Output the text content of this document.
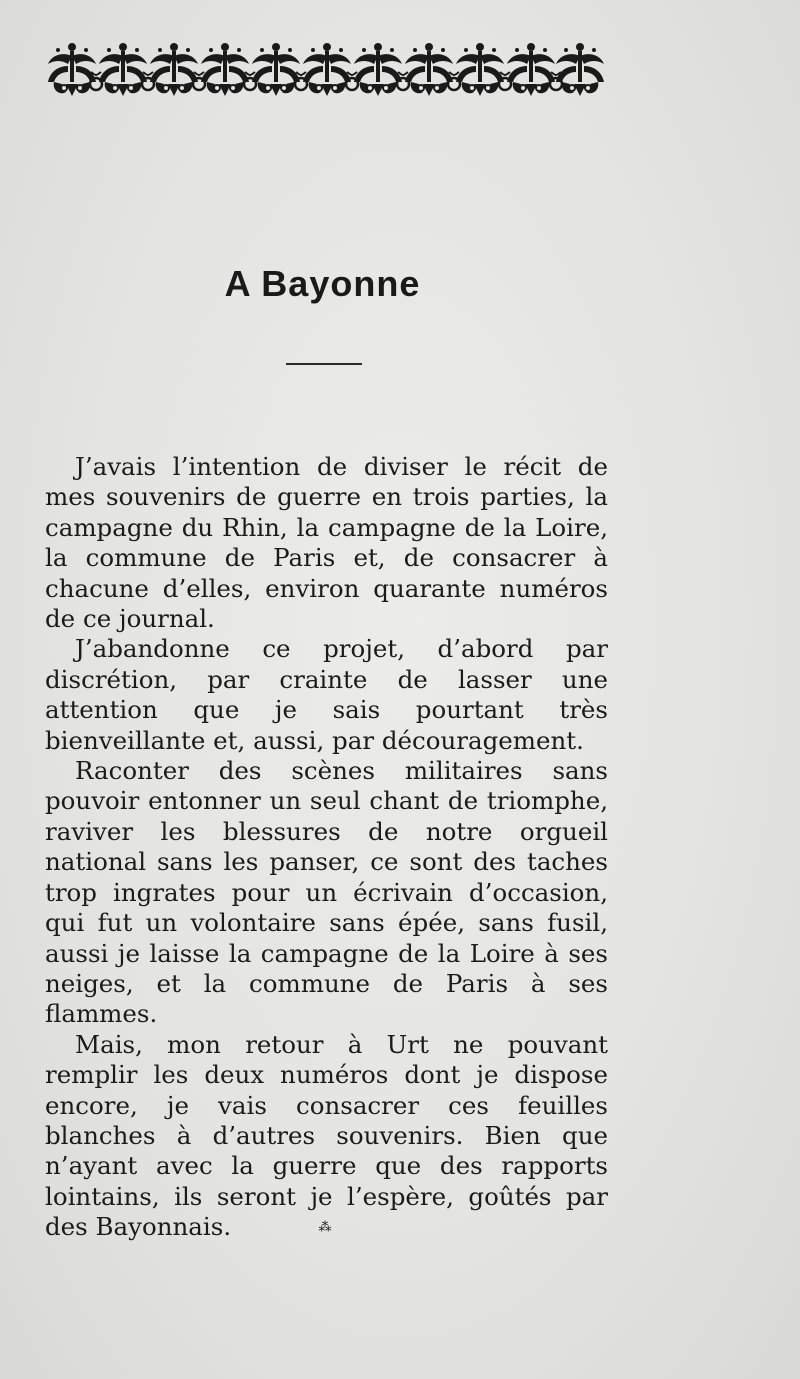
A Bayonne

J’avais l’intention de diviser le récit de mes souvenirs de guerre en trois parties, la campagne du Rhin, la campagne de la Loire, la commune de Paris et, de consacrer à chacune d’elles, environ quarante numéros de ce journal.

J’abandonne ce projet, d’abord par discrétion, par crainte de lasser une attention que je sais pourtant très bienveillante et, aussi, par découragement.

Raconter des scènes militaires sans pouvoir entonner un seul chant de triomphe, raviver les blessures de notre orgueil national sans les panser, ce sont des taches trop ingrates pour un écrivain d’occasion, qui fut un volontaire sans épée, sans fusil, aussi je laisse la campagne de la Loire à ses neiges, et la commune de Paris à ses flammes.

Mais, mon retour à Urt ne pouvant remplir les deux numéros dont je dispose encore, je vais consacrer ces feuilles blanches à d’autres souvenirs. Bien que n’ayant avec la guerre que des rapports lointains, ils seront je l’espère, goûtés par des Bayonnais.	⁂
